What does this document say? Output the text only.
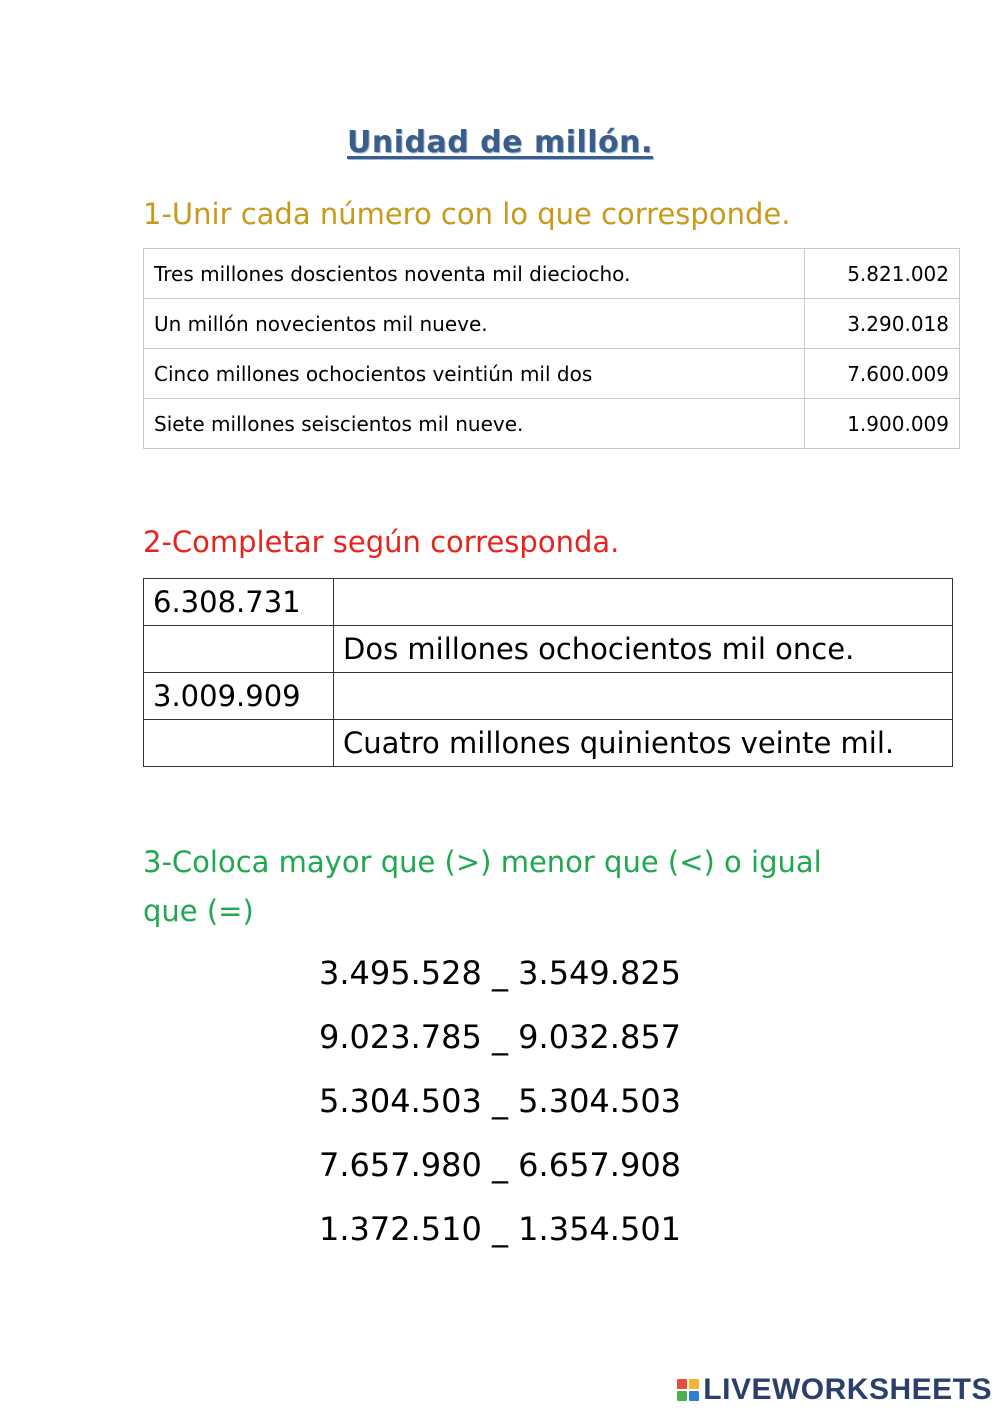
Unidad de millón.
1-Unir cada número con lo que corresponde.
Tres millones doscientos noventa mil dieciocho.	5.821.002
Un millón novecientos mil nueve.	3.290.018
Cinco millones ochocientos veintiún mil dos	7.600.009
Siete millones seiscientos mil nueve.	1.900.009
2-Completar según corresponda.
6.308.731	
	Dos millones ochocientos mil once.
3.009.909	
	Cuatro millones quinientos veinte mil.
3-Coloca mayor que (>) menor que (<) o igual que (=)
3.495.528 _ 3.549.825
9.023.785 _ 9.032.857
5.304.503 _ 5.304.503
7.657.980 _ 6.657.908
1.372.510 _ 1.354.501
LIVEWORKSHEETS
